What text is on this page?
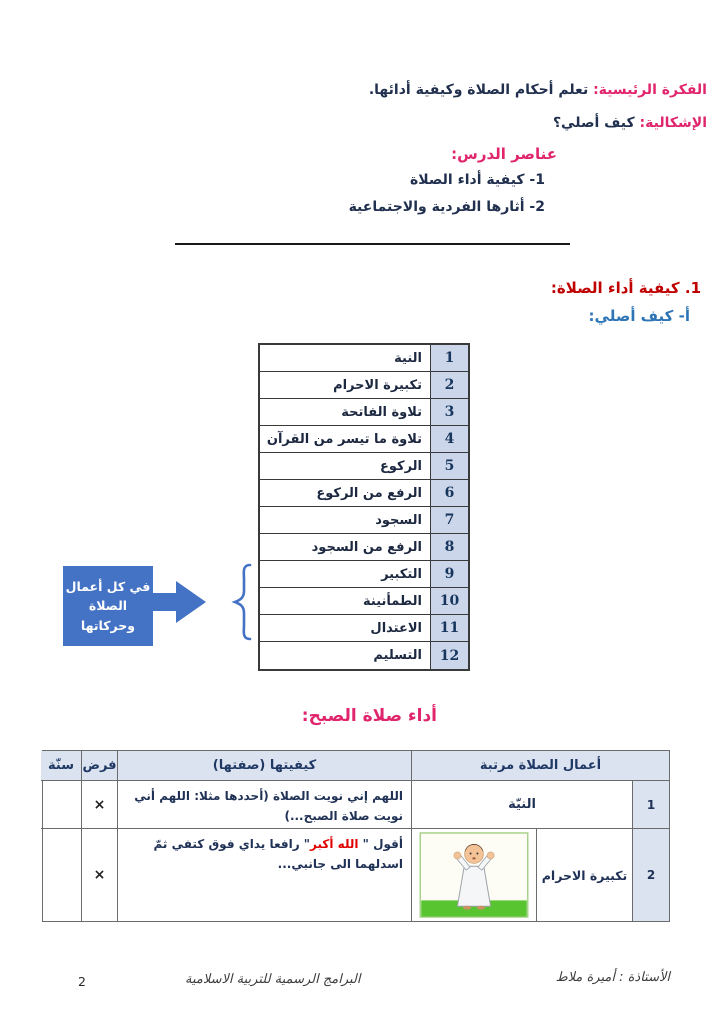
الفكرة الرئيسية: تعلم أحكام الصلاة وكيفية أدائها.
الإشكالية: كيف أصلي؟
عناصر الدرس:
1- كيفية أداء الصلاة
2- أثارها الفردية والاجتماعية
1. كيفية أداء الصلاة:
أ- كيف أصلي:
1
النية
2
تكبيرة الاحرام
3
تلاوة الفاتحة
4
تلاوة ما تيسر من القرآن
5
الركوع
6
الرفع من الركوع
7
السجود
8
الرفع من السجود
9
التكبير
10
الطمأنينة
11
الاعتدال
12
التسليم
في كل أعمال
الصلاة
وحركاتها
أداء صلاة الصبح:
أعمال الصلاة مرتبة
كيفيتها (صفتها)
فرض
سنّة
1
النيّة
اللهم إني نويت الصلاة (أحددها مثلا: اللهم أني نويت صلاة الصبح...)
×
2
تكبيرة الاحرام
أقول " الله أكبر" رافعا يداي فوق كتفي ثمّ اسدلهما الى جانبي...
×
الأستاذة : أميرة ملاط
البرامج الرسمية للتربية الاسلامية
2
